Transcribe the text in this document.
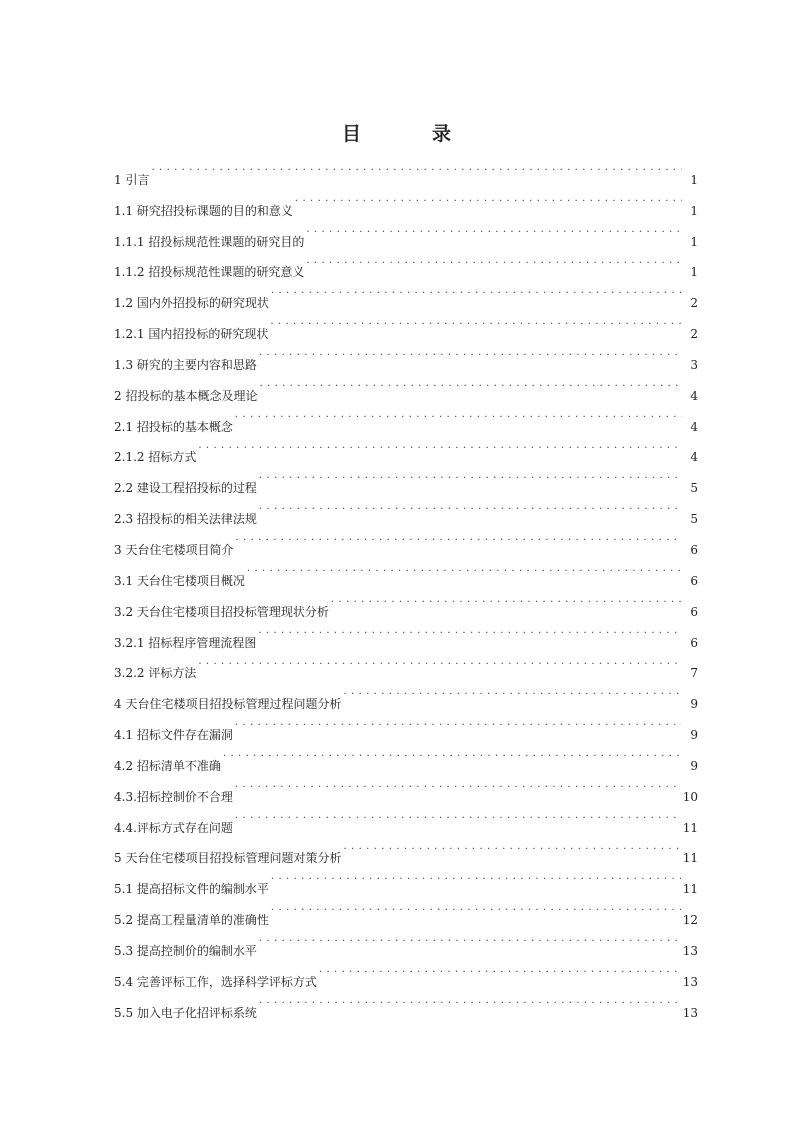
目　录
1 引言 . . .	1
1.1 研究招投标课题的目的和意义 . . .	1
1.1.1 招投标规范性课题的研究目的 . . .	1
1.1.2 招投标规范性课题的研究意义 . . .	1
1.2 国内外招投标的研究现状 . . .	2
1.2.1 国内招投标的研究现状 . . .	2
1.3 研究的主要内容和思路 . . .	3
2 招投标的基本概念及理论 . . .	4
2.1 招投标的基本概念 . . .	4
2.1.2 招标方式 . . .	4
2.2 建设工程招投标的过程 . . .	5
2.3 招投标的相关法律法规 . . .	5
3 天台住宅楼项目简介 . . .	6
3.1 天台住宅楼项目概况 . . .	6
3.2 天台住宅楼项目招投标管理现状分析 . . .	6
3.2.1 招标程序管理流程图 . . .	6
3.2.2 评标方法 . . .	7
4 天台住宅楼项目招投标管理过程问题分析 . . .	9
4.1 招标文件存在漏洞 . . .	9
4.2 招标清单不准确 . . .	9
4.3.招标控制价不合理 . . .	10
4.4.评标方式存在问题 . . .	11
5 天台住宅楼项目招投标管理问题对策分析 . . .	11
5.1 提高招标文件的编制水平 . . .	11
5.2 提高工程量清单的准确性 . . .	12
5.3 提高控制价的编制水平 . . .	13
5.4 完善评标工作，选择科学评标方式 . . .	13
5.5 加入电子化招评标系统 . . .	13
